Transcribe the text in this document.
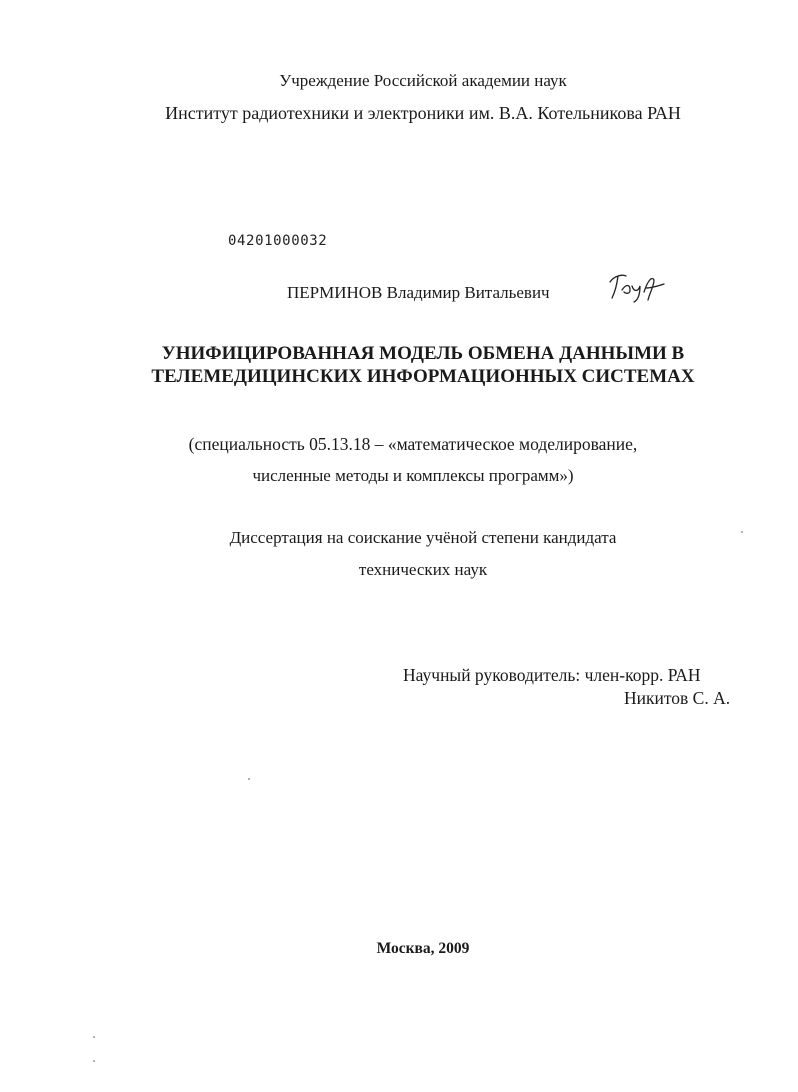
Учреждение Российской академии наук
Институт радиотехники и электроники им. В.А. Котельникова РАН
04201000032
ПЕРМИНОВ Владимир Витальевич
УНИФИЦИРОВАННАЯ МОДЕЛЬ ОБМЕНА ДАННЫМИ В
ТЕЛЕМЕДИЦИНСКИХ ИНФОРМАЦИОННЫХ СИСТЕМАХ
(специальность 05.13.18 – «математическое моделирование,
численные методы и комплексы программ»)
Диссертация на соискание учёной степени кандидата
технических наук
Научный руководитель: член-корр. РАН
Никитов С. А.
Москва, 2009
